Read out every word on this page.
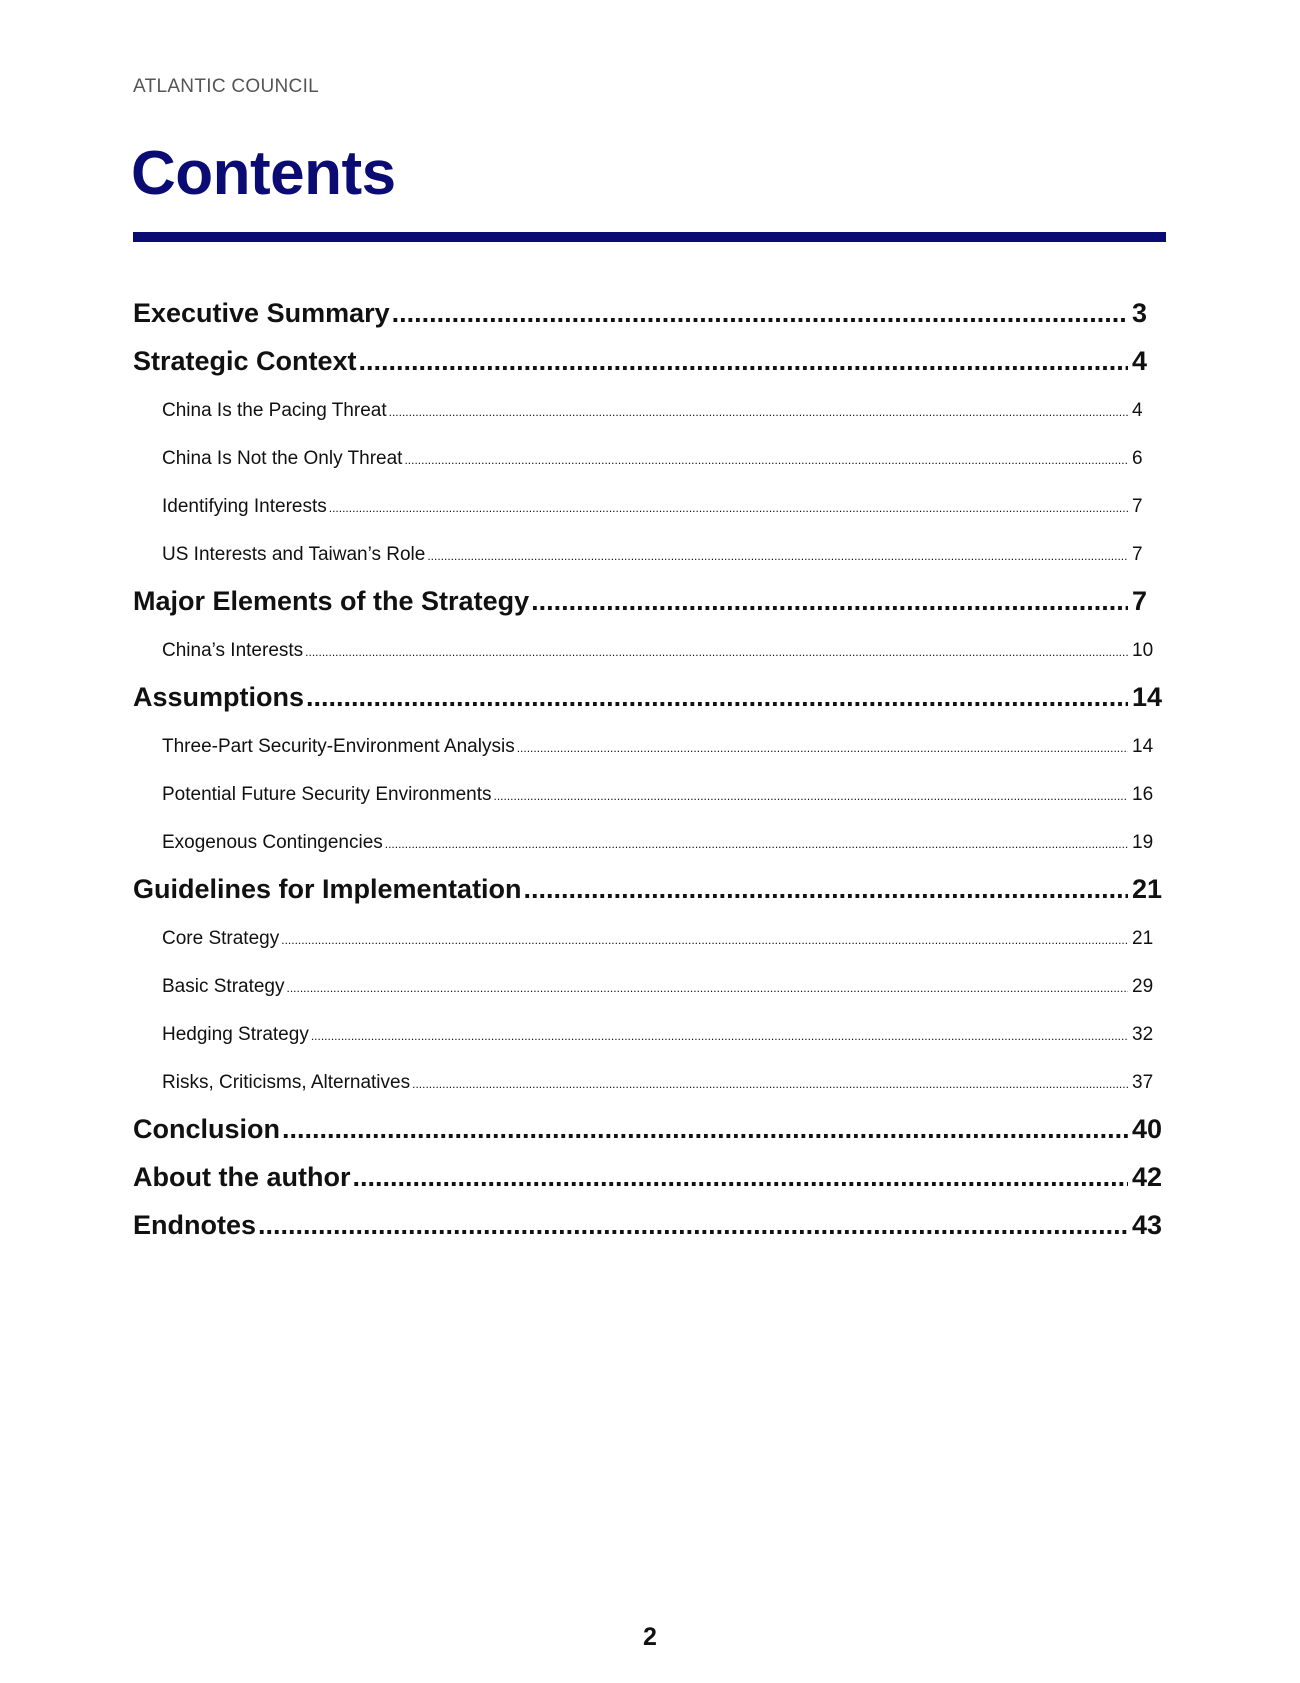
ATLANTIC COUNCIL
Contents
Executive Summary .....	3
Strategic Context .....	4
China Is the Pacing Threat .....	4
China Is Not the Only Threat .....	6
Identifying Interests .....	7
US Interests and Taiwan’s Role .....	7
Major Elements of the Strategy .....	7
China’s Interests .....	10
Assumptions .....	14
Three-Part Security-Environment Analysis .....	14
Potential Future Security Environments .....	16
Exogenous Contingencies .....	19
Guidelines for Implementation .....	21
Core Strategy .....	21
Basic Strategy .....	29
Hedging Strategy .....	32
Risks, Criticisms, Alternatives .....	37
Conclusion .....	40
About the author .....	42
Endnotes .....	43
2
